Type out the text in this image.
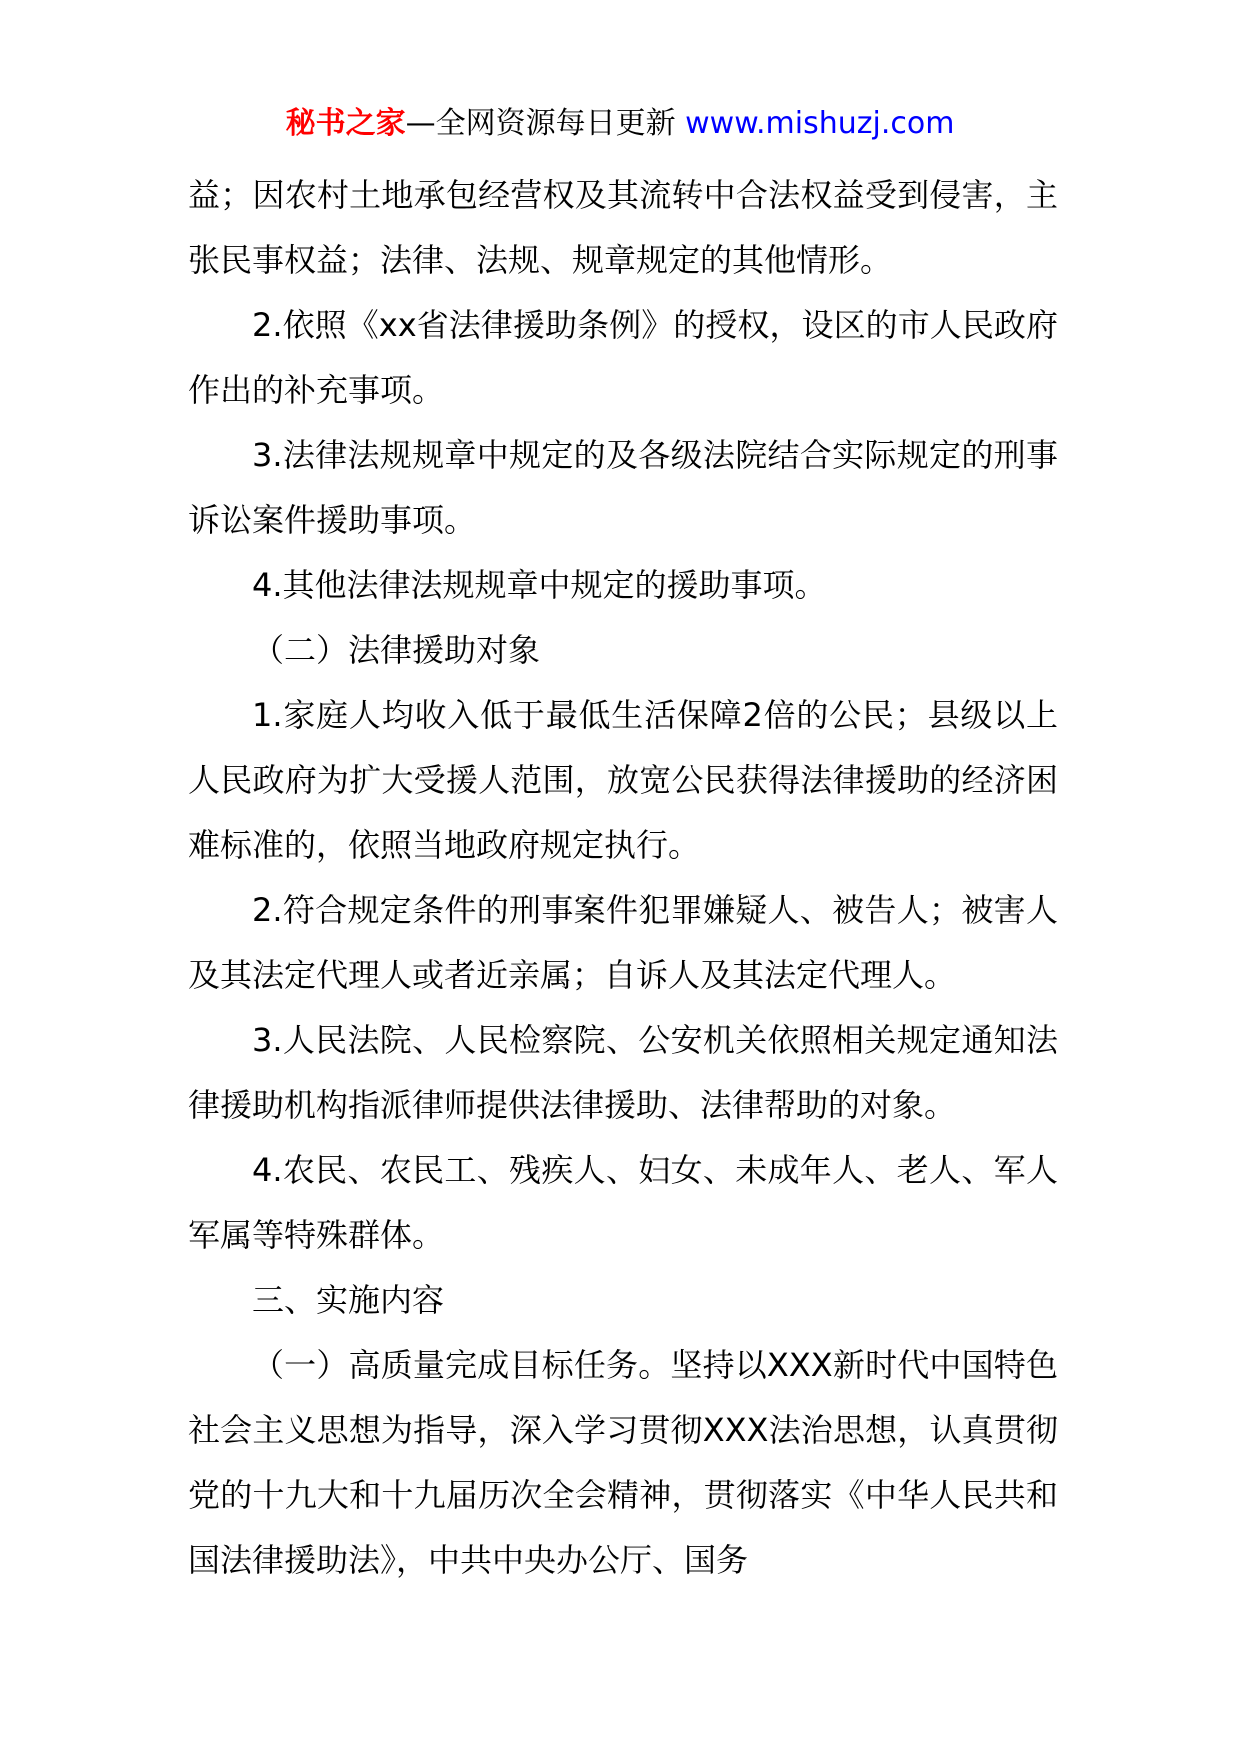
秘书之家—全网资源每日更新 www.mishuzj.com

益；因农村土地承包经营权及其流转中合法权益受到侵害，主张民事权益；法律、法规、规章规定的其他情形。

2.依照《xx省法律援助条例》的授权，设区的市人民政府作出的补充事项。

3.法律法规规章中规定的及各级法院结合实际规定的刑事诉讼案件援助事项。

4.其他法律法规规章中规定的援助事项。

（二）法律援助对象

1.家庭人均收入低于最低生活保障2倍的公民；县级以上人民政府为扩大受援人范围，放宽公民获得法律援助的经济困难标准的，依照当地政府规定执行。

2.符合规定条件的刑事案件犯罪嫌疑人、被告人；被害人及其法定代理人或者近亲属；自诉人及其法定代理人。

3.人民法院、人民检察院、公安机关依照相关规定通知法律援助机构指派律师提供法律援助、法律帮助的对象。

4.农民、农民工、残疾人、妇女、未成年人、老人、军人军属等特殊群体。

三、实施内容

（一）高质量完成目标任务。坚持以XXX新时代中国特色社会主义思想为指导，深入学习贯彻XXX法治思想，认真贯彻党的十九大和十九届历次全会精神，贯彻落实《中华人民共和国法律援助法》，中共中央办公厅、国务
